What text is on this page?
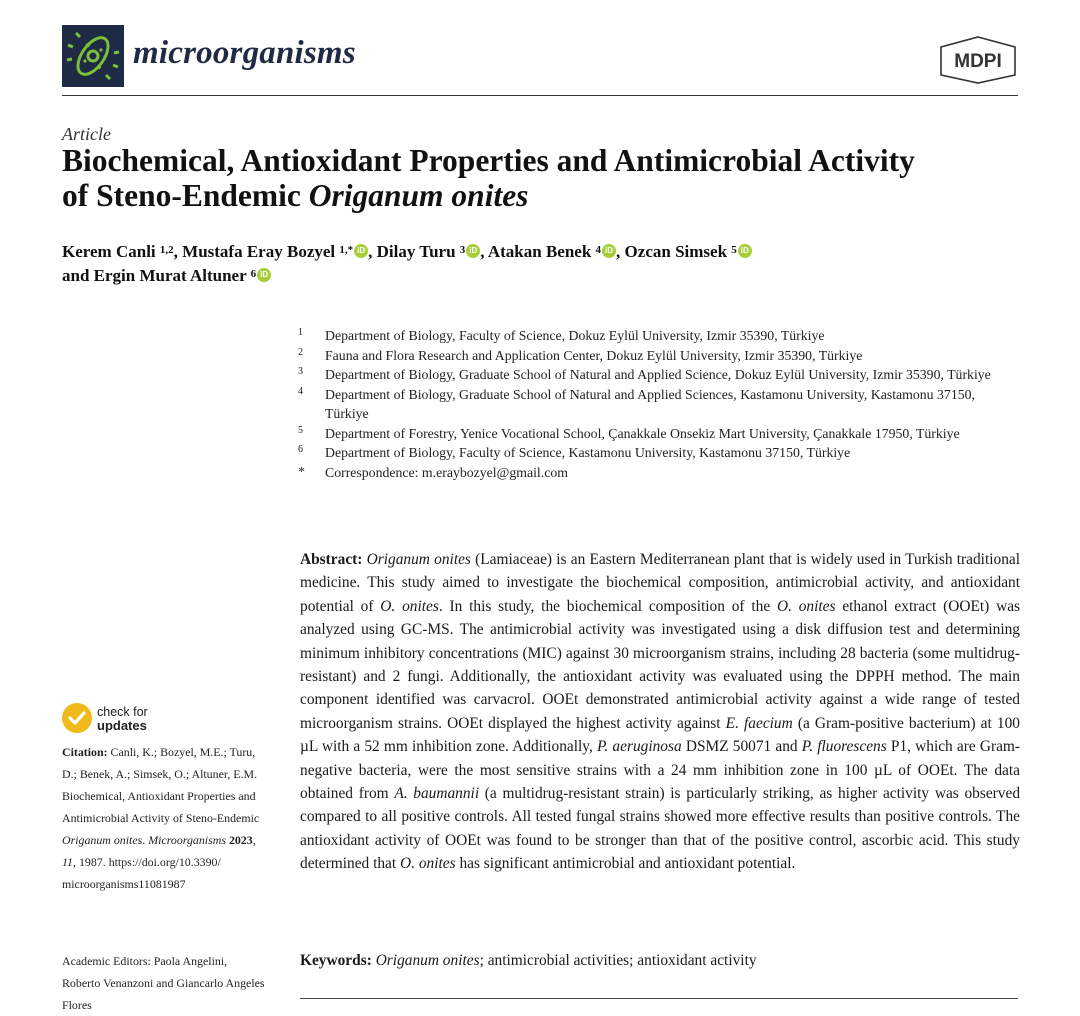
microorganisms	MDPI
Article
Biochemical, Antioxidant Properties and Antimicrobial Activity
of Steno-Endemic Origanum onites
Kerem Canli $^{1,2}$, Mustafa Eray Bozyel $^{1,*}$ iD , Dilay Turu $^3$ iD , Atakan Benek $^4$ iD , Ozcan Simsek $^5$ iD
and Ergin Murat Altuner $^6$ iD
1 Department of Biology, Faculty of Science, Dokuz Eylül University, Izmir 35390, Türkiye
2 Fauna and Flora Research and Application Center, Dokuz Eylül University, Izmir 35390, Türkiye
3 Department of Biology, Graduate School of Natural and Applied Science, Dokuz Eylül University, Izmir 35390, Türkiye
4 Department of Biology, Graduate School of Natural and Applied Sciences, Kastamonu University, Kastamonu 37150, Türkiye
5 Department of Forestry, Yenice Vocational School, Çanakkale Onsekiz Mart University, Çanakkale 17950, Türkiye
6 Department of Biology, Faculty of Science, Kastamonu University, Kastamonu 37150, Türkiye
* Correspondence: m.eraybozyel@gmail.com
Abstract: Origanum onites (Lamiaceae) is an Eastern Mediterranean plant that is widely used in Turkish traditional medicine. This study aimed to investigate the biochemical composition, antimicrobial activity, and antioxidant potential of O. onites. In this study, the biochemical composition of the O. onites ethanol extract (OOEt) was analyzed using GC-MS. The antimicrobial activity was investigated using a disk diffusion test and determining minimum inhibitory concentrations (MIC) against 30 microorganism strains, including 28 bacteria (some multidrug-resistant) and 2 fungi. Additionally, the antioxidant activity was evaluated using the DPPH method. The main component identified was carvacrol. OOEt demonstrated antimicrobial activity against a wide range of tested microorganism strains. OOEt displayed the highest activity against E. faecium (a Gram-positive bacterium) at 100 µL with a 52 mm inhibition zone. Additionally, P. aeruginosa DSMZ 50071 and P. fluorescens P1, which are Gram-negative bacteria, were the most sensitive strains with a 24 mm inhibition zone in 100 µL of OOEt. The data obtained from A. baumannii (a multidrug-resistant strain) is particularly striking, as higher activity was observed compared to all positive controls. All tested fungal strains showed more effective results than positive controls. The antioxidant activity of OOEt was found to be stronger than that of the positive control, ascorbic acid. This study determined that O. onites has significant antimicrobial and antioxidant potential.
Keywords: Origanum onites; antimicrobial activities; antioxidant activity
check for
updates
Citation: Canli, K.; Bozyel, M.E.; Turu, D.; Benek, A.; Simsek, O.; Altuner, E.M. Biochemical, Antioxidant Properties and Antimicrobial Activity of Steno-Endemic Origanum onites. Microorganisms 2023, 11, 1987. https://doi.org/10.3390/ microorganisms11081987
Academic Editors: Paola Angelini, Roberto Venanzoni and Giancarlo Angeles Flores
